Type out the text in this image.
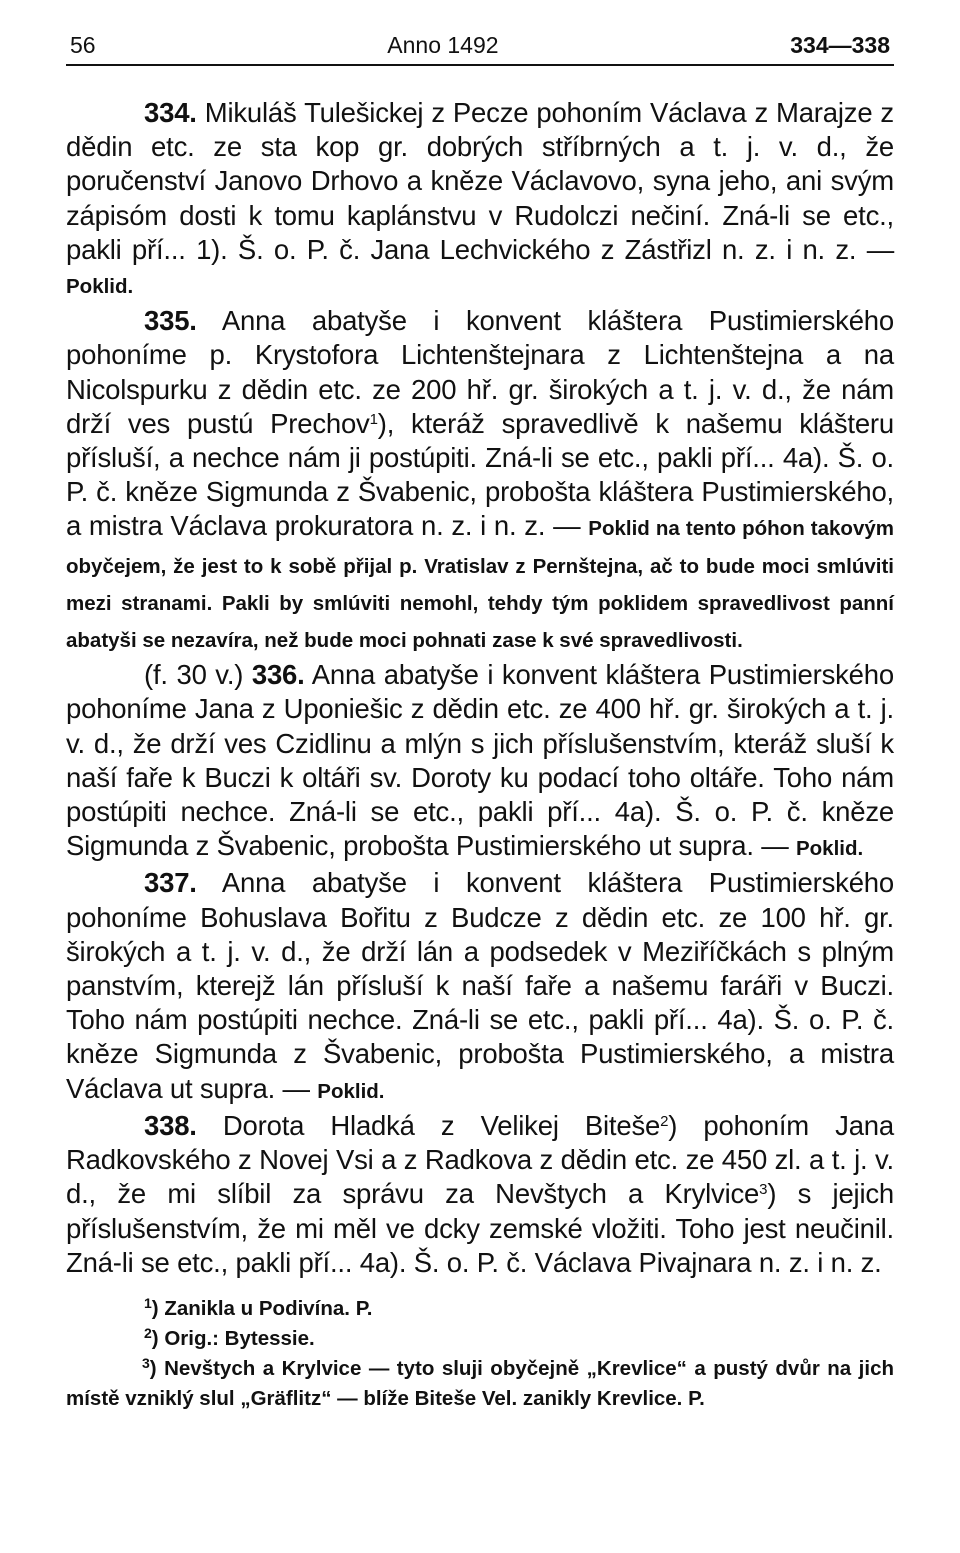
56	Anno 1492	334—338

334. Mikuláš Tulešickej z Pecze pohoním Václava z Marajze z dědin etc. ze sta kop gr. dobrých stříbrných a t. j. v. d., že poručenství Janovo Drhovo a kněze Václavovo, syna jeho, ani svým zápisóm dosti k tomu kaplánstvu v Rudolczi nečiní. Zná-li se etc., pakli pří... 1). Š. o. P. č. Jana Lechvického z Zástřizl n. z. i n. z. — Poklid.

335. Anna abatyše i konvent kláštera Pustimierského pohoníme p. Krystofora Lichtenštejnara z Lichtenštejna a na Nicolspurku z dědin etc. ze 200 hř. gr. širokých a t. j. v. d., že nám drží ves pustú Prechov$^1$), kteráž spravedlivě k našemu klášteru přísluší, a nechce nám ji postúpiti. Zná-li se etc., pakli pří... 4a). Š. o. P. č. kněze Sigmunda z Švabenic, probošta kláštera Pustimierského, a mistra Václava prokuratora n. z. i n. z. — Poklid na tento póhon takovým obyčejem, že jest to k sobě přijal p. Vratislav z Pernštejna, ač to bude moci smlúviti mezi stranami. Pakli by smlúviti nemohl, tehdy tým poklidem spravedlivost panní abatyši se nezavíra, než bude moci pohnati zase k své spravedlivosti.

(f. 30 v.) 336. Anna abatyše i konvent kláštera Pustimierského pohoníme Jana z Uponiešic z dědin etc. ze 400 hř. gr. širokých a t. j. v. d., že drží ves Czidlinu a mlýn s jich příslušenstvím, kteráž sluší k naší faře k Buczi k oltáři sv. Doroty ku podací toho oltáře. Toho nám postúpiti nechce. Zná-li se etc., pakli pří... 4a). Š. o. P. č. kněze Sigmunda z Švabenic, probošta Pustimierského ut supra. — Poklid.

337. Anna abatyše i konvent kláštera Pustimierského pohoníme Bohuslava Bořitu z Budcze z dědin etc. ze 100 hř. gr. širokých a t. j. v. d., že drží lán a podsedek v Meziříčkách s plným panstvím, kterejž lán přísluší k naší faře a našemu faráři v Buczi. Toho nám postúpiti nechce. Zná-li se etc., pakli pří... 4a). Š. o. P. č. kněze Sigmunda z Švabenic, probošta Pustimierského, a mistra Václava ut supra. — Poklid.

338. Dorota Hladká z Velikej Biteše$^2$) pohoním Jana Radkovského z Novej Vsi a z Radkova z dědin etc. ze 450 zl. a t. j. v. d., že mi slíbil za správu za Nevštych a Krylvice$^3$) s jejich příslušenstvím, že mi měl ve dcky zemské vložiti. Toho jest neučinil. Zná-li se etc., pakli pří... 4a). Š. o. P. č. Václava Pivajnara n. z. i n. z.

$^1$) Zanikla u Podivína. P.

$^2$) Orig.: Bytessie.

$^3$) Nevštych a Krylvice — tyto sluji obyčejně „Krevlice“ a pustý dvůr na jich místě vzniklý slul „Gräflitz“ — blíže Biteše Vel. zanikly Krevlice. P.
